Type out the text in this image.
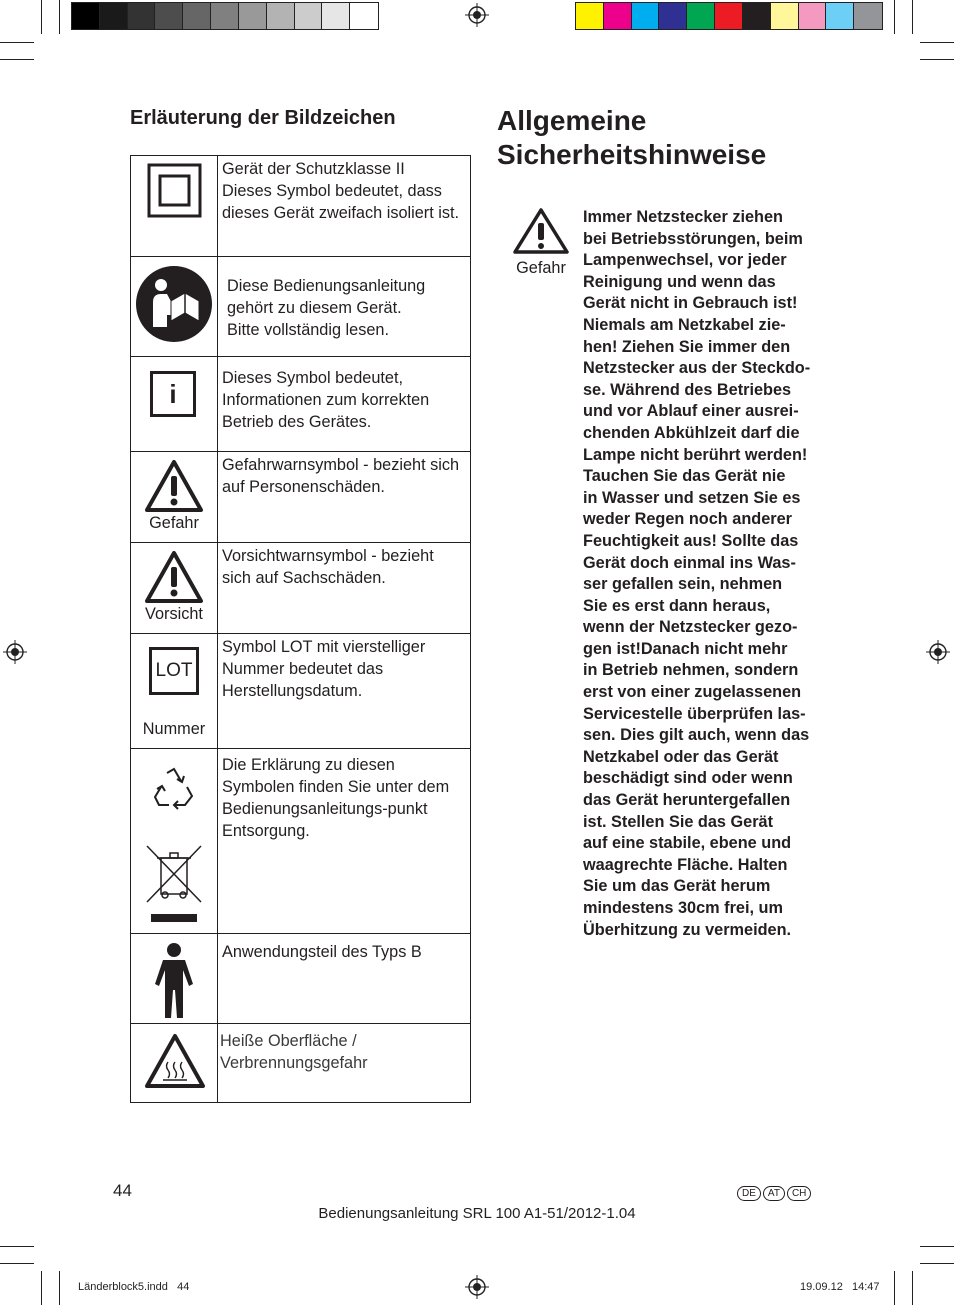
Erläuterung der Bildzeichen
	Gerät der Schutzklasse II
Dieses Symbol bedeutet, dass dieses Gerät zweifach isoliert ist.
	Diese Bedienungsanleitung gehört zu diesem Gerät.
Bitte vollständig lesen.

i	Dieses Symbol bedeutet, Informationen zum korrekten Betrieb des Gerätes.

Gefahr	Gefahrwarnsymbol - bezieht sich auf Personenschäden.

Vorsicht	Vorsichtwarnsymbol - bezieht sich auf Sachschäden.

LOT
Nummer	Symbol LOT mit vierstelliger Nummer bedeutet das Herstellungsdatum.

	Die Erklärung zu diesen Symbolen finden Sie unter dem Bedienungsanleitungs-punkt Entsorgung.

	Anwendungsteil des Typs B

	Heiße Oberfläche / Verbrennungsgefahr
Allgemeine
Sicherheitshinweise
Gefahr
Immer Netzstecker ziehen
bei Betriebsstörungen, beim
Lampenwechsel, vor jeder
Reinigung und wenn das
Gerät nicht in Gebrauch ist!
Niemals am Netzkabel zie-
hen! Ziehen Sie immer den
Netzstecker aus der Steckdo-
se. Während des Betriebes
und vor Ablauf einer ausrei-
chenden Abkühlzeit darf die
Lampe nicht berührt werden!
Tauchen Sie das Gerät nie
in Wasser und setzen Sie es
weder Regen noch anderer
Feuchtigkeit aus! Sollte das
Gerät doch einmal ins Was-
ser gefallen sein, nehmen
Sie es erst dann heraus,
wenn der Netzstecker gezo-
gen ist!Danach nicht mehr
in Betrieb nehmen, sondern
erst von einer zugelassenen
Servicestelle überprüfen las-
sen. Dies gilt auch, wenn das
Netzkabel oder das Gerät
beschädigt sind oder wenn
das Gerät heruntergefallen
ist. Stellen Sie das Gerät
auf eine stabile, ebene und
waagrechte Fläche. Halten
Sie um das Gerät herum
mindestens 30cm frei, um
Überhitzung zu vermeiden.
44	DE AT CH
Bedienungsanleitung SRL 100 A1-51/2012-1.04
Länderblock5.indd   44	19.09.12   14:47
